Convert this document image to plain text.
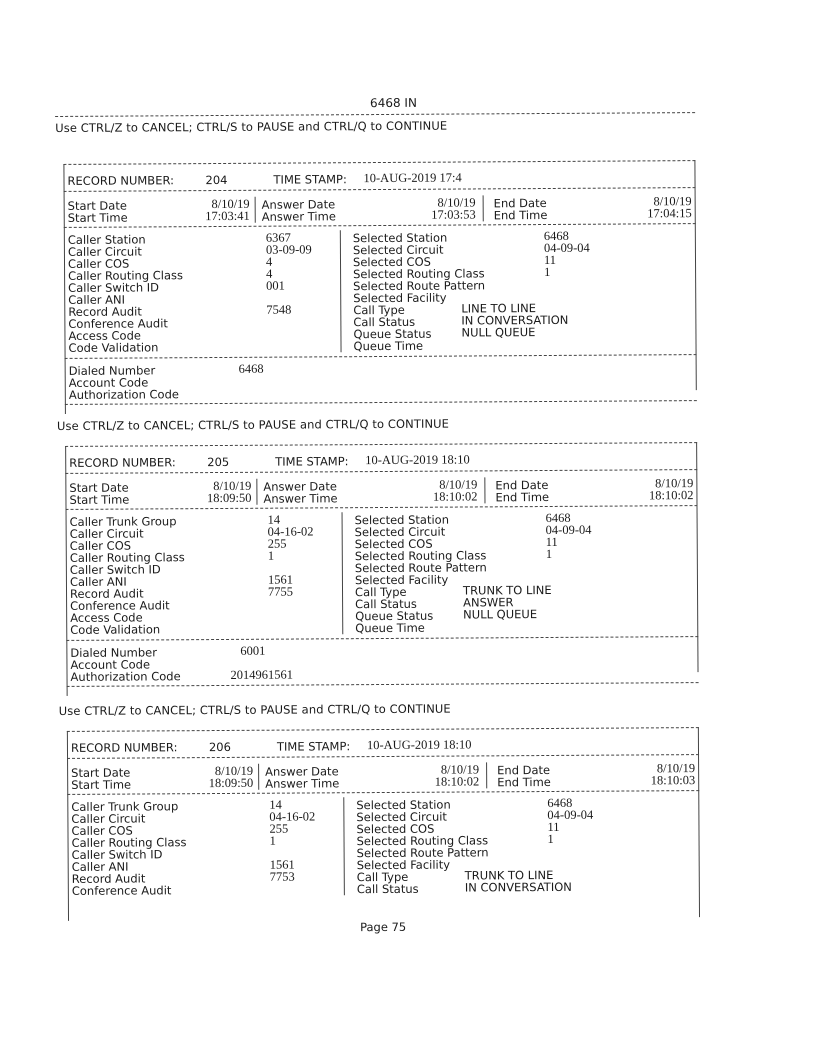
6468 IN
Use CTRL/Z to CANCEL; CTRL/S to PAUSE and CTRL/Q to CONTINUE
RECORD NUMBER:	204	TIME STAMP: 10-AUG-2019 17:4
Start Date	8/10/19 Answer Date	8/10/19 End Date	8/10/19
Start Time	17:03:41 Answer Time	17:03:53 End Time	17:04:15
Caller Station	6367
Caller Circuit	03-09-09
Caller COS	4
Caller Routing Class	4
Caller Switch ID	001
Caller ANI
Record Audit	7548
Conference Audit
Access Code
Code Validation
Selected Station	6468
Selected Circuit	04-09-04
Selected COS	11
Selected Routing Class	1
Selected Route Pattern
Selected Facility
Call Type	LINE TO LINE
Call Status	IN CONVERSATION
Queue Status	NULL QUEUE
Queue Time
Dialed Number	6468
Account Code
Authorization Code
RECORD NUMBER:	205	TIME STAMP: 10-AUG-2019 18:10
Start Date	8/10/19 Answer Date	8/10/19 End Date	8/10/19
Start Time	18:09:50 Answer Time	18:10:02 End Time	18:10:02
Caller Trunk Group	14
Caller Circuit	04-16-02
Caller COS	255
Caller Routing Class	1
Caller Switch ID
Caller ANI	1561
Record Audit	7755
Conference Audit
Access Code
Code Validation
Selected Station	6468
Selected Circuit	04-09-04
Selected COS	11
Selected Routing Class	1
Selected Route Pattern
Selected Facility
Call Type	TRUNK TO LINE
Call Status	ANSWER
Queue Status	NULL QUEUE
Queue Time
Dialed Number	6001
Account Code
Authorization Code	2014961561
RECORD NUMBER:	206	TIME STAMP: 10-AUG-2019 18:10
Start Date	8/10/19 Answer Date	8/10/19 End Date	8/10/19
Start Time	18:09:50 Answer Time	18:10:02 End Time	18:10:03
Caller Trunk Group	14
Caller Circuit	04-16-02
Caller COS	255
Caller Routing Class	1
Caller Switch ID
Caller ANI	1561
Record Audit	7753
Conference Audit
Selected Station	6468
Selected Circuit	04-09-04
Selected COS	11
Selected Routing Class	1
Selected Route Pattern
Selected Facility
Call Type	TRUNK TO LINE
Call Status	IN CONVERSATION
Use CTRL/Z to CANCEL; CTRL/S to PAUSE and CTRL/Q to CONTINUE
Use CTRL/Z to CANCEL; CTRL/S to PAUSE and CTRL/Q to CONTINUE
Page 75
